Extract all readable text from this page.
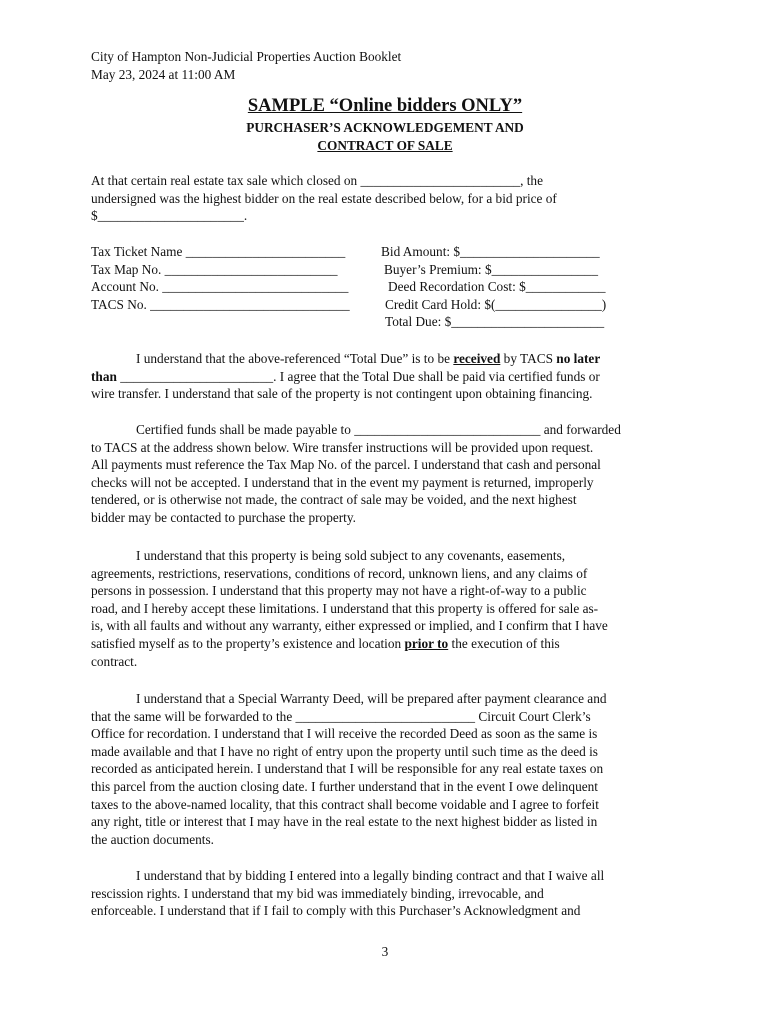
City of Hampton Non-Judicial Properties Auction Booklet
May 23, 2024 at 11:00 AM
SAMPLE “Online bidders ONLY”
PURCHASER’S ACKNOWLEDGEMENT AND
CONTRACT OF SALE
At that certain real estate tax sale which closed on ________________________, the
undersigned was the highest bidder on the real estate described below, for a bid price of
$______________________.
Tax Ticket Name ________________________	Bid Amount: $_____________________
Tax Map No. __________________________	Buyer’s Premium: $________________
Account No. ____________________________	Deed Recordation Cost: $____________
TACS No. ______________________________	Credit Card Hold: $(________________)
Total Due: $_______________________
I understand that the above-referenced “Total Due” is to be received by TACS no later
than _______________________. I agree that the Total Due shall be paid via certified funds or
wire transfer. I understand that sale of the property is not contingent upon obtaining financing.
Certified funds shall be made payable to ____________________________ and forwarded
to TACS at the address shown below. Wire transfer instructions will be provided upon request.
All payments must reference the Tax Map No. of the parcel. I understand that cash and personal
checks will not be accepted. I understand that in the event my payment is returned, improperly
tendered, or is otherwise not made, the contract of sale may be voided, and the next highest
bidder may be contacted to purchase the property.
I understand that this property is being sold subject to any covenants, easements,
agreements, restrictions, reservations, conditions of record, unknown liens, and any claims of
persons in possession. I understand that this property may not have a right-of-way to a public
road, and I hereby accept these limitations. I understand that this property is offered for sale as-
is, with all faults and without any warranty, either expressed or implied, and I confirm that I have
satisfied myself as to the property’s existence and location prior to the execution of this
contract.
I understand that a Special Warranty Deed, will be prepared after payment clearance and
that the same will be forwarded to the ___________________________ Circuit Court Clerk’s
Office for recordation. I understand that I will receive the recorded Deed as soon as the same is
made available and that I have no right of entry upon the property until such time as the deed is
recorded as anticipated herein. I understand that I will be responsible for any real estate taxes on
this parcel from the auction closing date. I further understand that in the event I owe delinquent
taxes to the above-named locality, that this contract shall become voidable and I agree to forfeit
any right, title or interest that I may have in the real estate to the next highest bidder as listed in
the auction documents.
I understand that by bidding I entered into a legally binding contract and that I waive all
rescission rights. I understand that my bid was immediately binding, irrevocable, and
enforceable. I understand that if I fail to comply with this Purchaser’s Acknowledgment and
3
